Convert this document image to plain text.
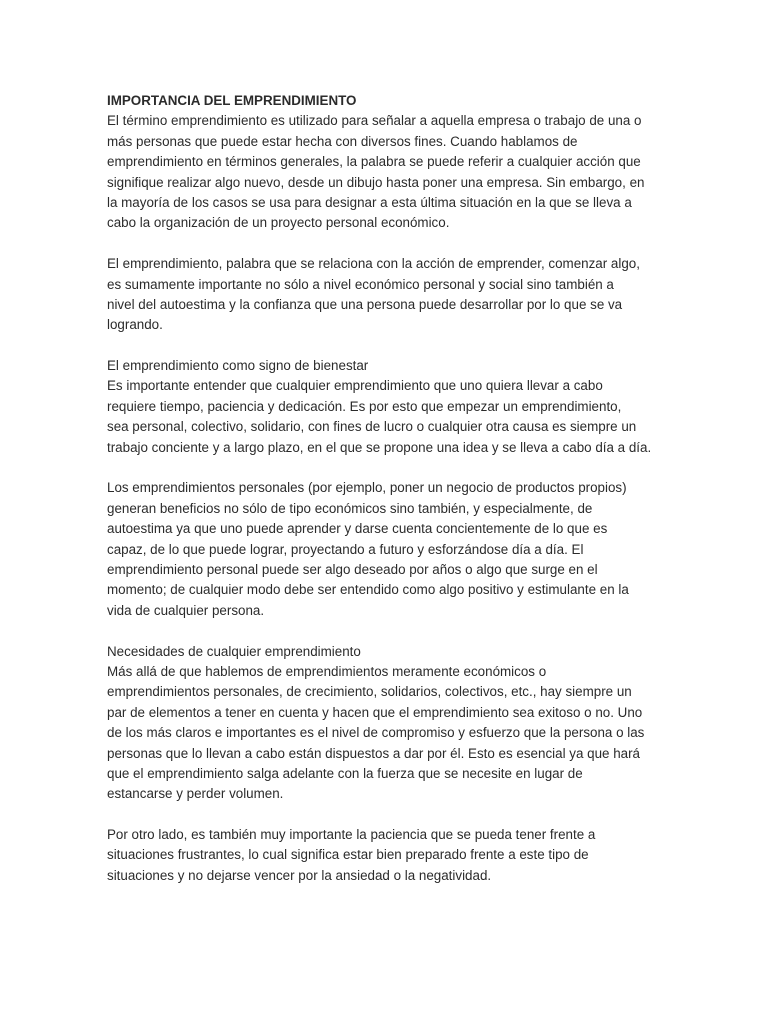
IMPORTANCIA DEL EMPRENDIMIENTO
El término emprendimiento es utilizado para señalar a aquella empresa o trabajo de una o
más personas que puede estar hecha con diversos fines. Cuando hablamos de
emprendimiento en términos generales, la palabra se puede referir a cualquier acción que
signifique realizar algo nuevo, desde un dibujo hasta poner una empresa. Sin embargo, en
la mayoría de los casos se usa para designar a esta última situación en la que se lleva a
cabo la organización de un proyecto personal económico.
El emprendimiento, palabra que se relaciona con la acción de emprender, comenzar algo,
es sumamente importante no sólo a nivel económico personal y social sino también a
nivel del autoestima y la confianza que una persona puede desarrollar por lo que se va
logrando.
El emprendimiento como signo de bienestar
Es importante entender que cualquier emprendimiento que uno quiera llevar a cabo
requiere tiempo, paciencia y dedicación. Es por esto que empezar un emprendimiento,
sea personal, colectivo, solidario, con fines de lucro o cualquier otra causa es siempre un
trabajo conciente y a largo plazo, en el que se propone una idea y se lleva a cabo día a día.
Los emprendimientos personales (por ejemplo, poner un negocio de productos propios)
generan beneficios no sólo de tipo económicos sino también, y especialmente, de
autoestima ya que uno puede aprender y darse cuenta concientemente de lo que es
capaz, de lo que puede lograr, proyectando a futuro y esforzándose día a día. El
emprendimiento personal puede ser algo deseado por años o algo que surge en el
momento; de cualquier modo debe ser entendido como algo positivo y estimulante en la
vida de cualquier persona.
Necesidades de cualquier emprendimiento
Más allá de que hablemos de emprendimientos meramente económicos o
emprendimientos personales, de crecimiento, solidarios, colectivos, etc., hay siempre un
par de elementos a tener en cuenta y hacen que el emprendimiento sea exitoso o no. Uno
de los más claros e importantes es el nivel de compromiso y esfuerzo que la persona o las
personas que lo llevan a cabo están dispuestos a dar por él. Esto es esencial ya que hará
que el emprendimiento salga adelante con la fuerza que se necesite en lugar de
estancarse y perder volumen.
Por otro lado, es también muy importante la paciencia que se pueda tener frente a
situaciones frustrantes, lo cual significa estar bien preparado frente a este tipo de
situaciones y no dejarse vencer por la ansiedad o la negatividad.
